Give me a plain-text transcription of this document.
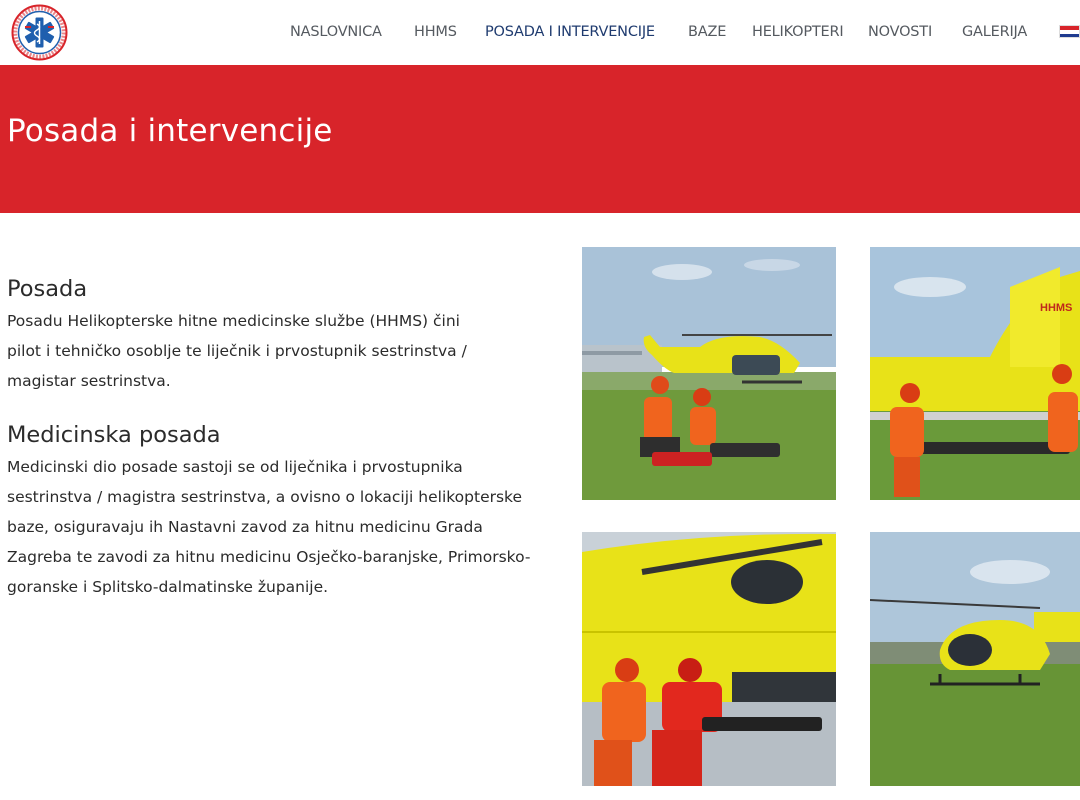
NASLOVNICA HHMS POSADA I INTERVENCIJE BAZE HELIKOPTERI NOVOSTI GALERIJA
Posada i intervencije
Posada

Posadu Helikopterske hitne medicinske službe (HHMS) čini pilot i tehničko osoblje te liječnik i prvostupnik sestrinstva / magistar sestrinstva.

Medicinska posada

Medicinski dio posade sastoji se od liječnika i prvostupnika sestrinstva / magistra sestrinstva, a ovisno o lokaciji helikopterske baze, osiguravaju ih Nastavni zavod za hitnu medicinu Grada Zagreba te zavodi za hitnu medicinu Osječko-baranjske, Primorsko-goranske i Splitsko-dalmatinske županije.

HHMS
